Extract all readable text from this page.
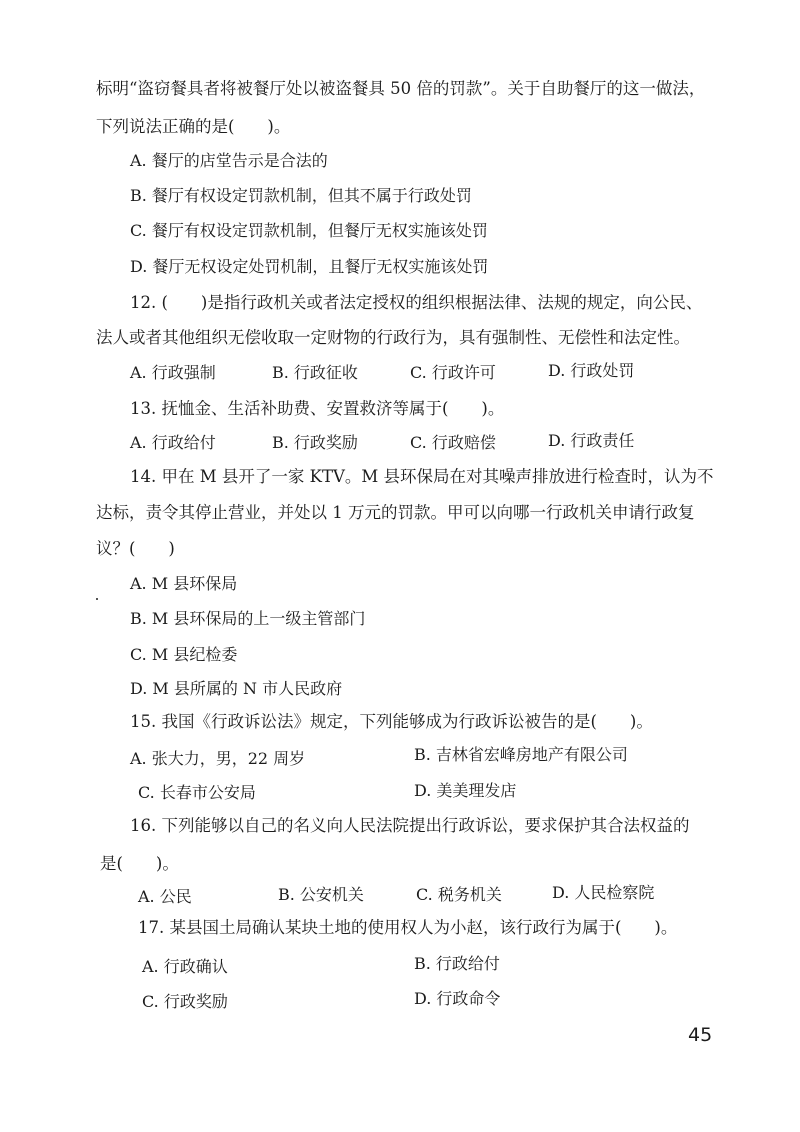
标明“盗窃餐具者将被餐厅处以被盗餐具 50 倍的罚款”。关于自助餐厅的这一做法，
下列说法正确的是(　　)。
A. 餐厅的店堂告示是合法的
B. 餐厅有权设定罚款机制，但其不属于行政处罚
C. 餐厅有权设定罚款机制，但餐厅无权实施该处罚
D. 餐厅无权设定处罚机制，且餐厅无权实施该处罚
12. (　　)是指行政机关或者法定授权的组织根据法律、法规的规定，向公民、
法人或者其他组织无偿收取一定财物的行政行为，具有强制性、无偿性和法定性。
A. 行政强制	B. 行政征收	C. 行政许可	D. 行政处罚
13. 抚恤金、生活补助费、安置救济等属于(　　)。
A. 行政给付	B. 行政奖励	C. 行政赔偿	D. 行政责任
14. 甲在 M 县开了一家 KTV。M 县环保局在对其噪声排放进行检查时，认为不
达标，责令其停止营业，并处以 1 万元的罚款。甲可以向哪一行政机关申请行政复
议？(　　)
A. M 县环保局
B. M 县环保局的上一级主管部门
C. M 县纪检委
D. M 县所属的 N 市人民政府
15. 我国《行政诉讼法》规定，下列能够成为行政诉讼被告的是(　　)。
A. 张大力，男，22 周岁	B. 吉林省宏峰房地产有限公司
C. 长春市公安局	D. 美美理发店
16. 下列能够以自己的名义向人民法院提出行政诉讼，要求保护其合法权益的
是(　　)。
A. 公民	B. 公安机关	C. 税务机关	D. 人民检察院
17. 某县国土局确认某块土地的使用权人为小赵，该行政行为属于(　　)。
A. 行政确认	B. 行政给付
C. 行政奖励	D. 行政命令
45
